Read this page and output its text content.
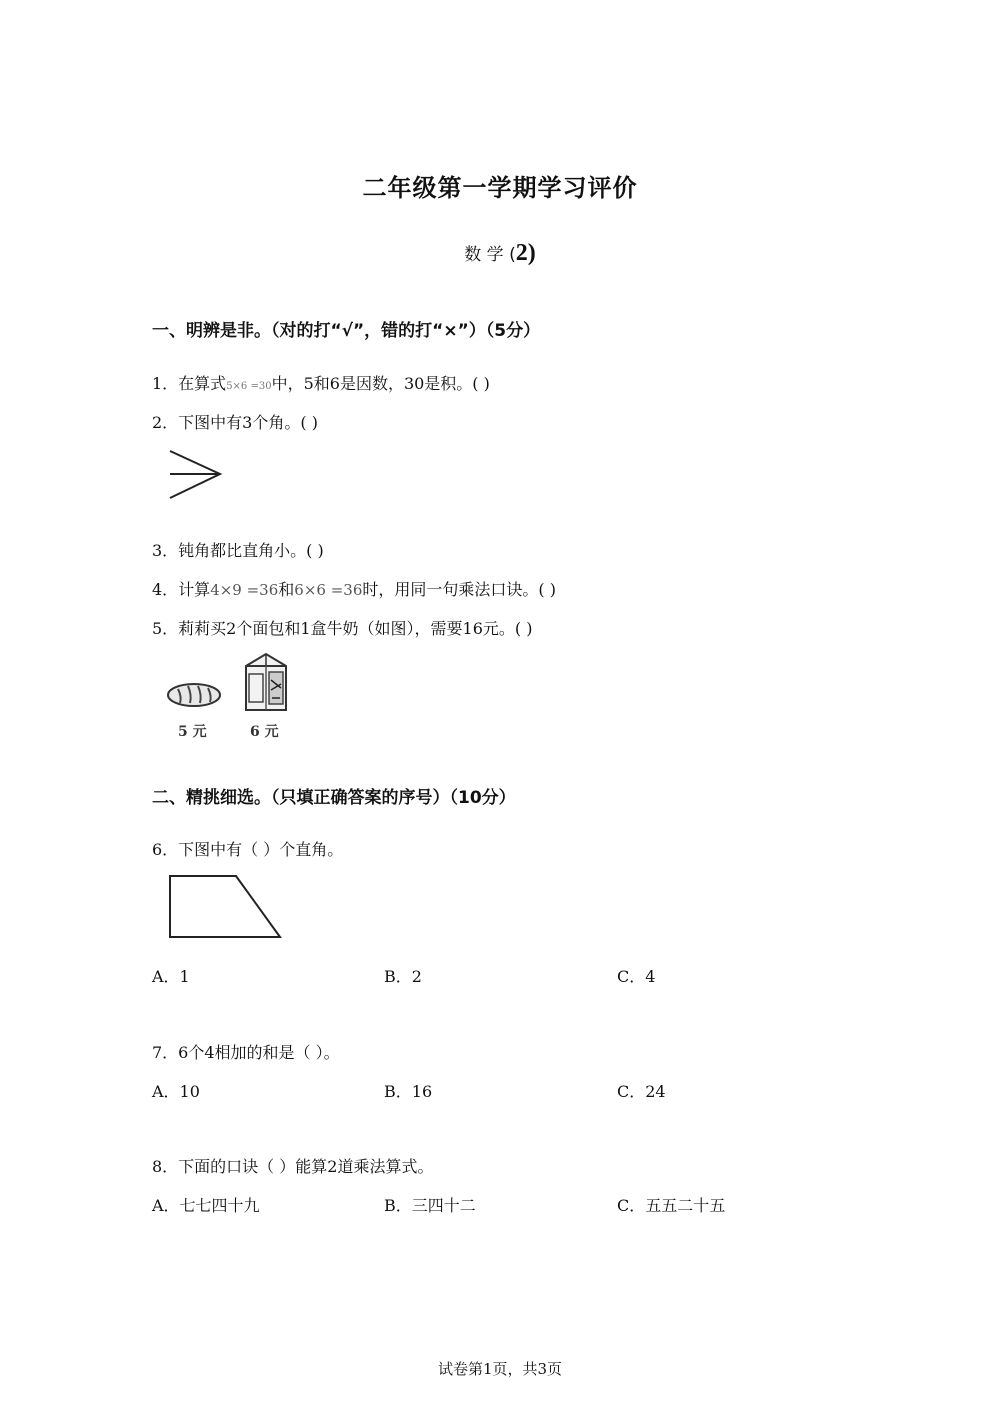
二年级第一学期学习评价
数 学 (2)
一、明辨是非。（对的打“√”，错的打“×”）（5分）
1．在算式5×6 =30中，5和6是因数，30是积。( )
2．下图中有3个角。( )
3．钝角都比直角小。( )
4．计算4×9 =36和6×6 =36时，用同一句乘法口诀。( )
5．莉莉买2个面包和1盒牛奶（如图），需要16元。( )
5 元	6 元
二、精挑细选。（只填正确答案的序号）（10分）
6．下图中有（ ）个直角。
A．1	B．2	C．4
7．6个4相加的和是（ ）。
A．10	B．16	C．24
8．下面的口诀（ ）能算2道乘法算式。
A．七七四十九	B．三四十二	C．五五二十五
试卷第1页，共3页
